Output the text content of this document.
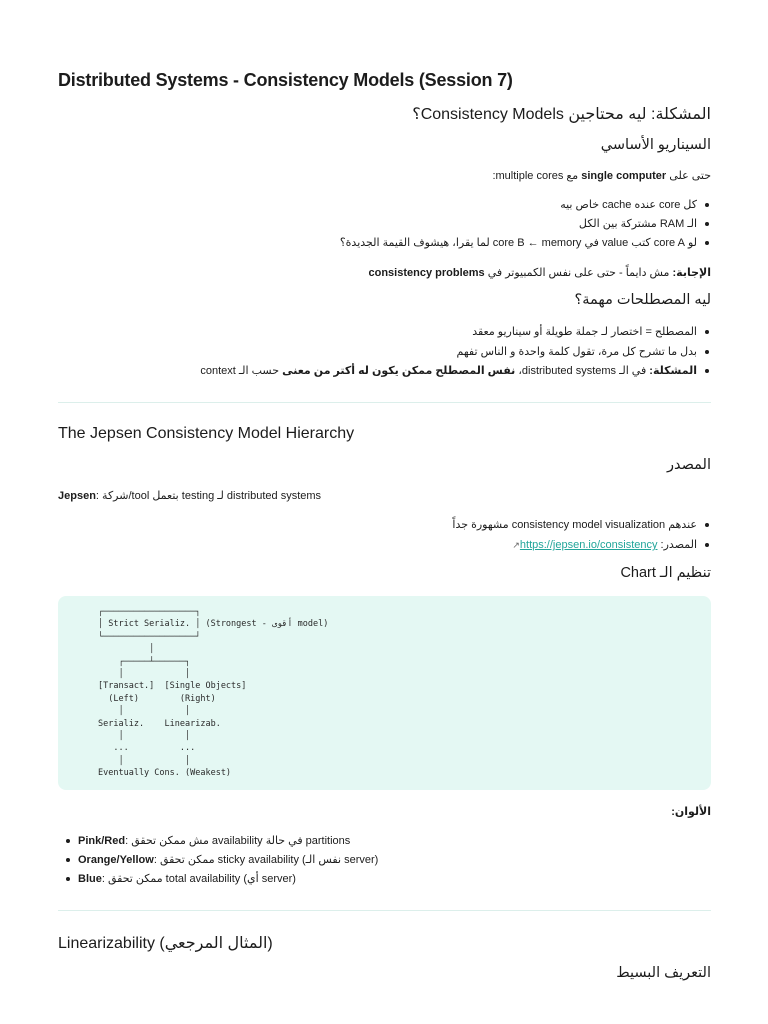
Distributed Systems - Consistency Models (Session 7)
المشكلة: ليه محتاجين Consistency Models؟
السيناريو الأساسي
حتى على single computer مع multiple cores:
كل core عنده cache خاص بيه
الـ RAM مشتركة بين الكل
لو core A كتب value في core B ← memory لما يقرا، هيشوف القيمة الجديدة؟
الإجابة: مش دايماً - حتى على نفس الكمبيوتر في consistency problems
ليه المصطلحات مهمة؟
المصطلح = اختصار لـ جملة طويلة أو سيناريو معقد
بدل ما تشرح كل مرة، تقول كلمة واحدة و الناس تفهم
المشكلة: في الـ distributed systems، نفس المصطلح ممكن يكون له أكتر من معنى حسب الـ context
The Jepsen Consistency Model Hierarchy
المصدر
Jepsen: شركة/tool بتعمل testing لـ distributed systems
عندهم consistency model visualization مشهورة جداً
المصدر: https://jepsen.io/consistency↗
تنظيم الـ Chart
┌──────────────────┐
│ Strict Serializ. │ (Strongest - أقوى model)
└──────────────────┘
│
┌─────┴──────┐
│            │
[Transact.]  [Single Objects]
(Left)        (Right)
│            │
Serializ.    Linearizab.
│            │
...          ...
│            │
Eventually Cons. (Weakest)
الألوان:
Pink/Red: مش ممكن تحقق availability في حالة partitions
Orange/Yellow: ممكن تحقق sticky availability (نفس الـ server)
Blue: ممكن تحقق total availability (أي server)
Linearizability (المثال المرجعي)
التعريف البسيط
